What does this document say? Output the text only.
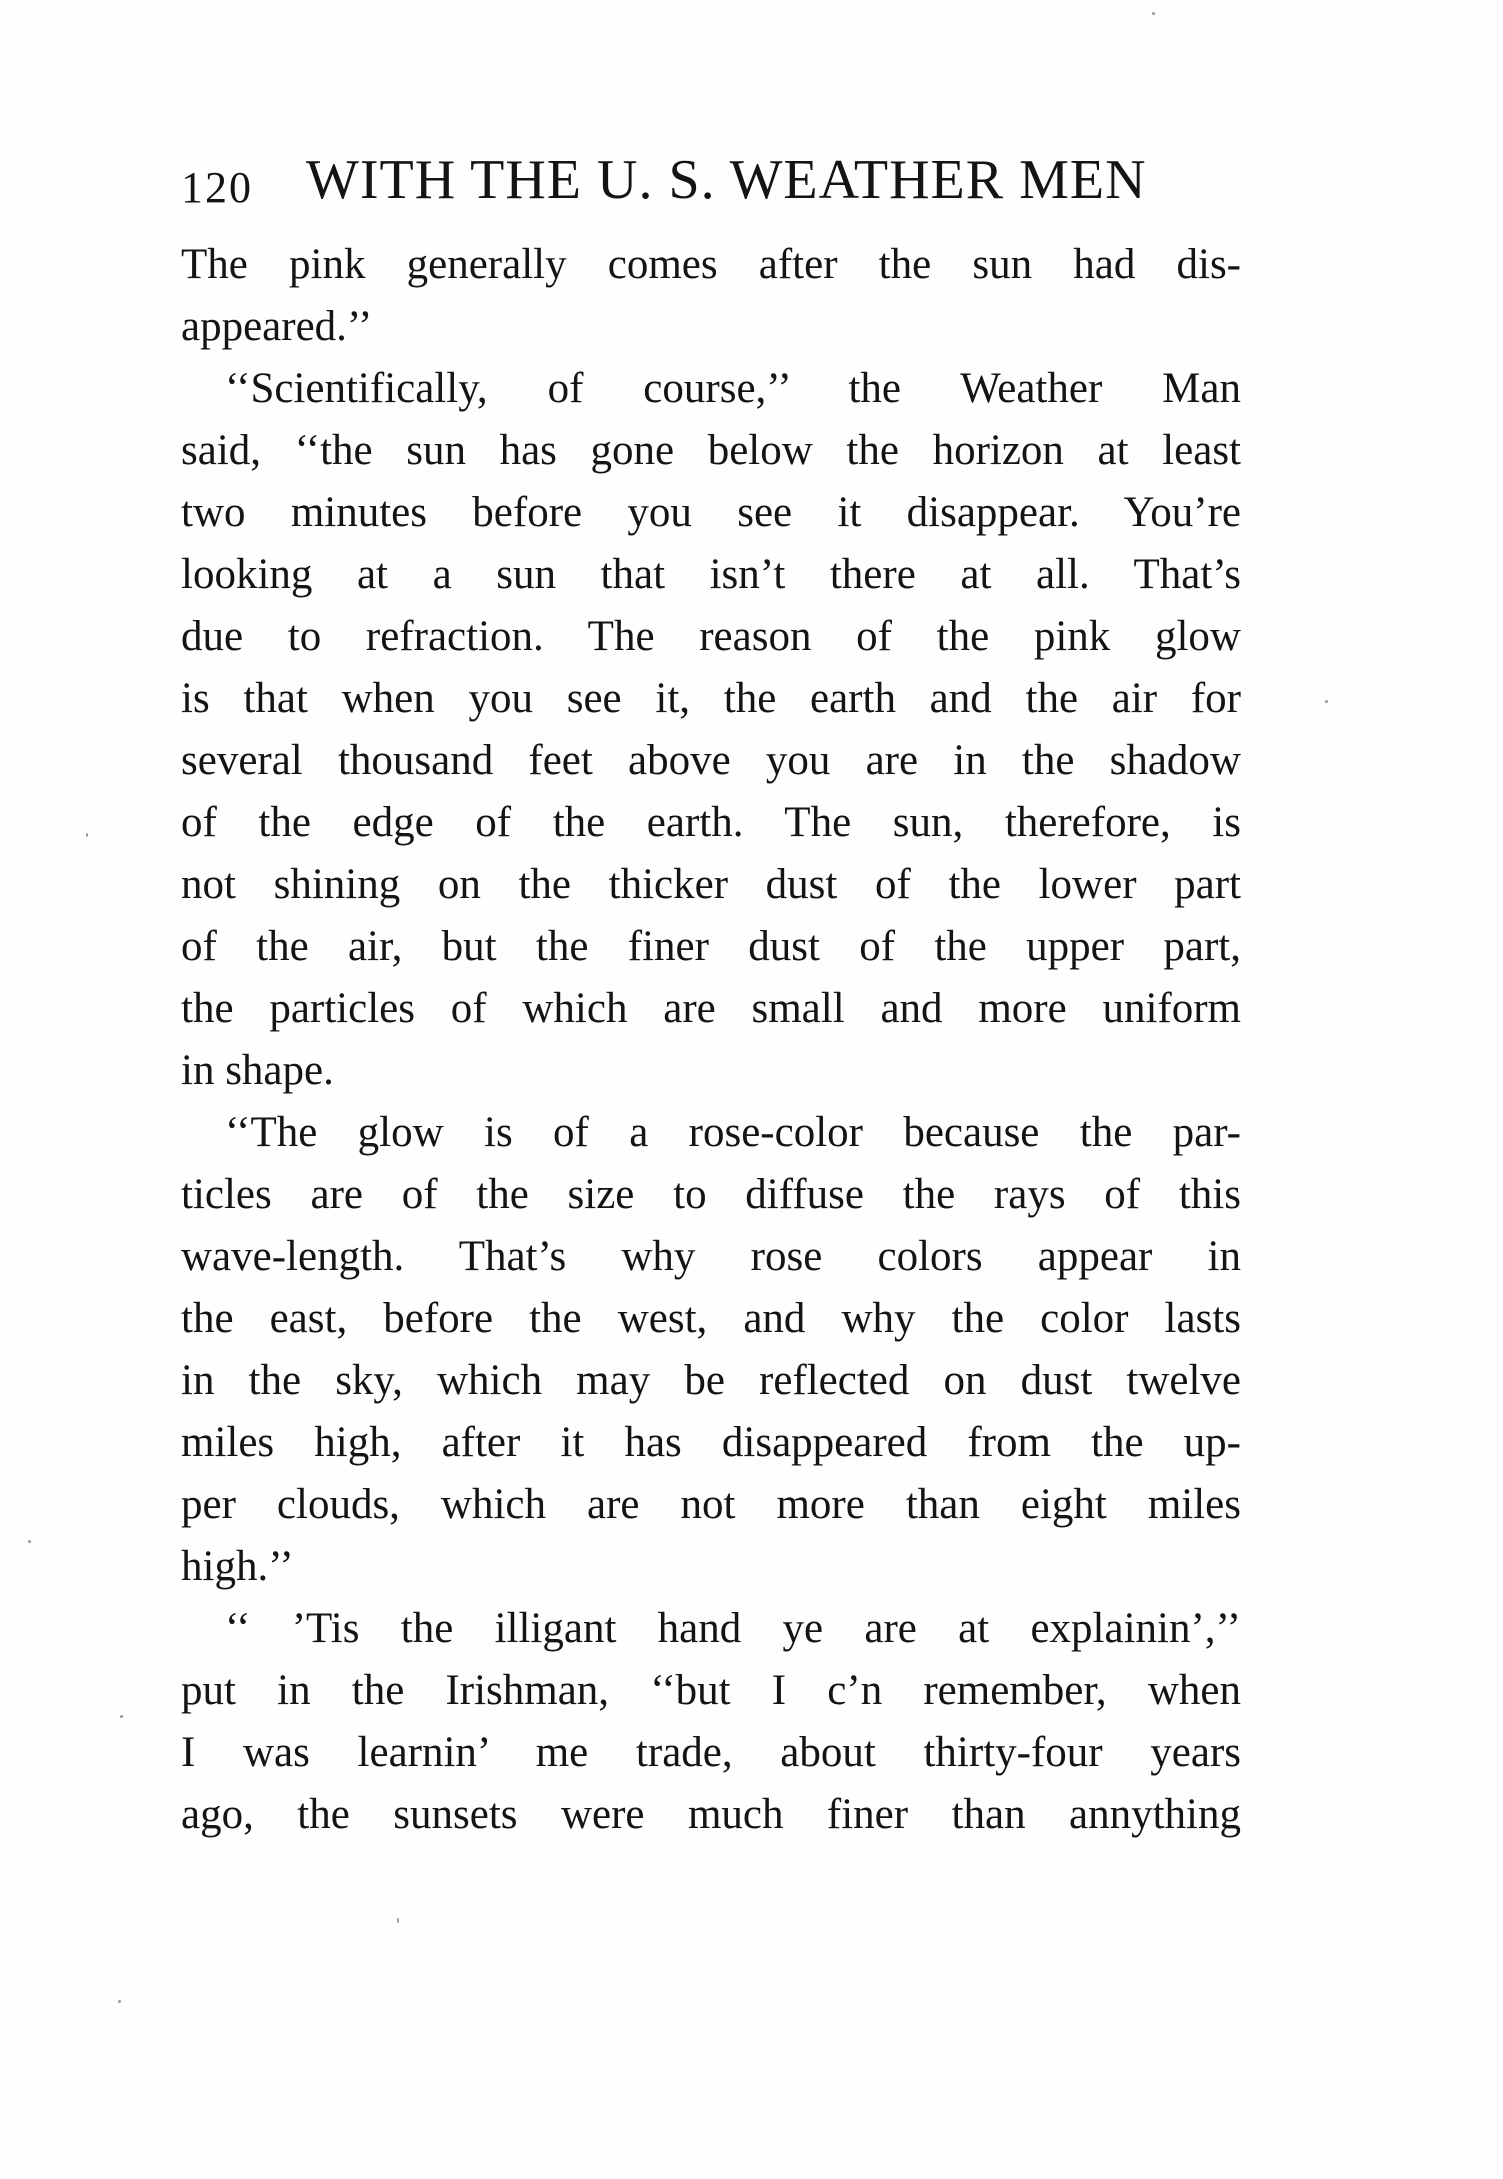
120 WITH THE U. S. WEATHER MEN
The pink generally comes after the sun had dis-
appeared.’’
‘‘Scientifically, of course,’’ the Weather Man
said, ‘‘the sun has gone below the horizon at least
two minutes before you see it disappear. You’re
looking at a sun that isn’t there at all. That’s
due to refraction. The reason of the pink glow
is that when you see it, the earth and the air for
several thousand feet above you are in the shadow
of the edge of the earth. The sun, therefore, is
not shining on the thicker dust of the lower part
of the air, but the finer dust of the upper part,
the particles of which are small and more uniform
in shape.
‘‘The glow is of a rose-color because the par-
ticles are of the size to diffuse the rays of this
wave-length. That’s why rose colors appear in
the east, before the west, and why the color lasts
in the sky, which may be reflected on dust twelve
miles high, after it has disappeared from the up-
per clouds, which are not more than eight miles
high.’’
‘‘ ’Tis the illigant hand ye are at explainin’,’’
put in the Irishman, ‘‘but I c’n remember, when
I was learnin’ me trade, about thirty-four years
ago, the sunsets were much finer than annything
